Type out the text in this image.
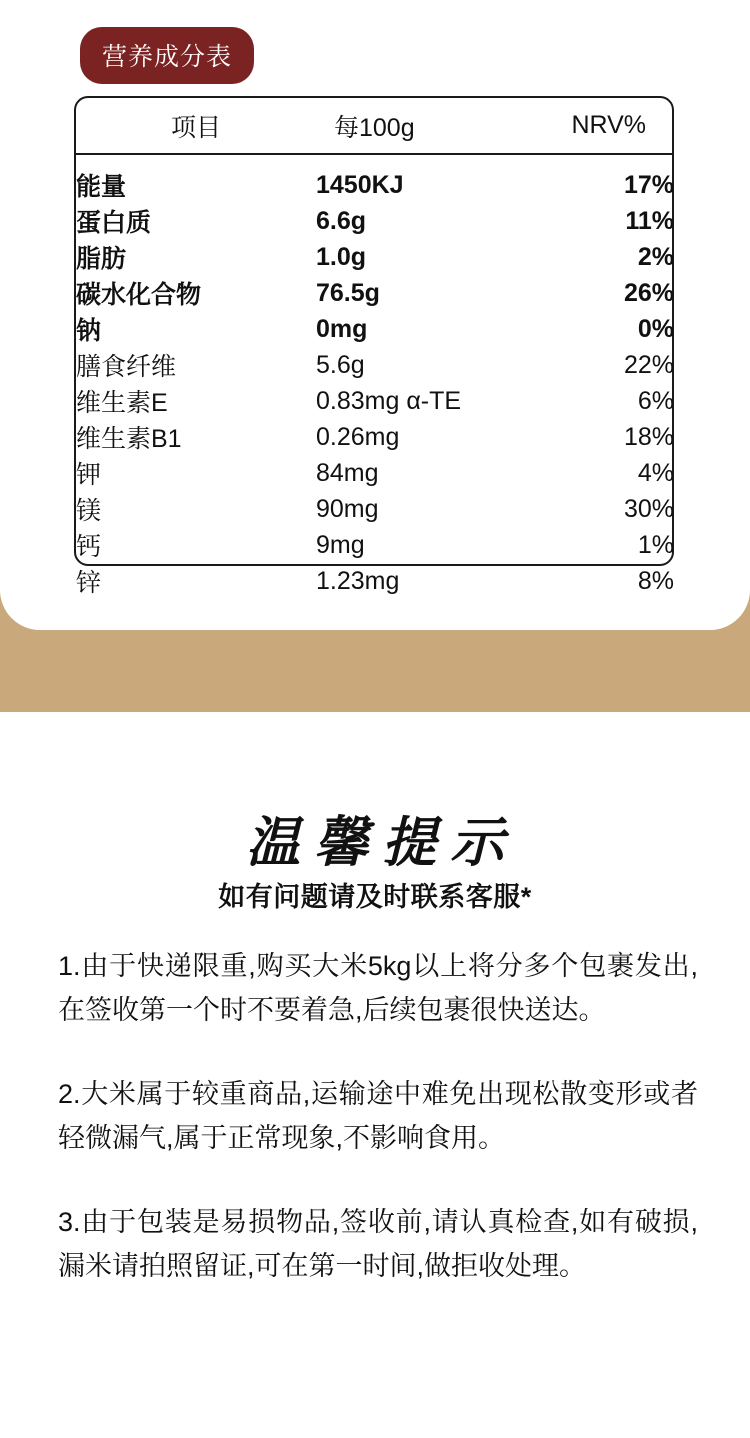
营养成分表
项目	每100g	NRV%

能量	1450KJ	17%
蛋白质	6.6g	11%
脂肪	1.0g	2%
碳水化合物	76.5g	26%
钠	0mg	0%
膳食纤维	5.6g	22%
维生素E	0.83mg α-TE	6%
维生素B1	0.26mg	18%
钾	84mg	4%
镁	90mg	30%
钙	9mg	1%
锌	1.23mg	8%
温馨提示
如有问题请及时联系客服*

1.由于快递限重,购买大米5kg以上将分多个包裹发出,在签收第一个时不要着急,后续包裹很快送达。

2.大米属于较重商品,运输途中难免出现松散变形或者轻微漏气,属于正常现象,不影响食用。

3.由于包装是易损物品,签收前,请认真检查,如有破损,漏米请拍照留证,可在第一时间,做拒收处理。
